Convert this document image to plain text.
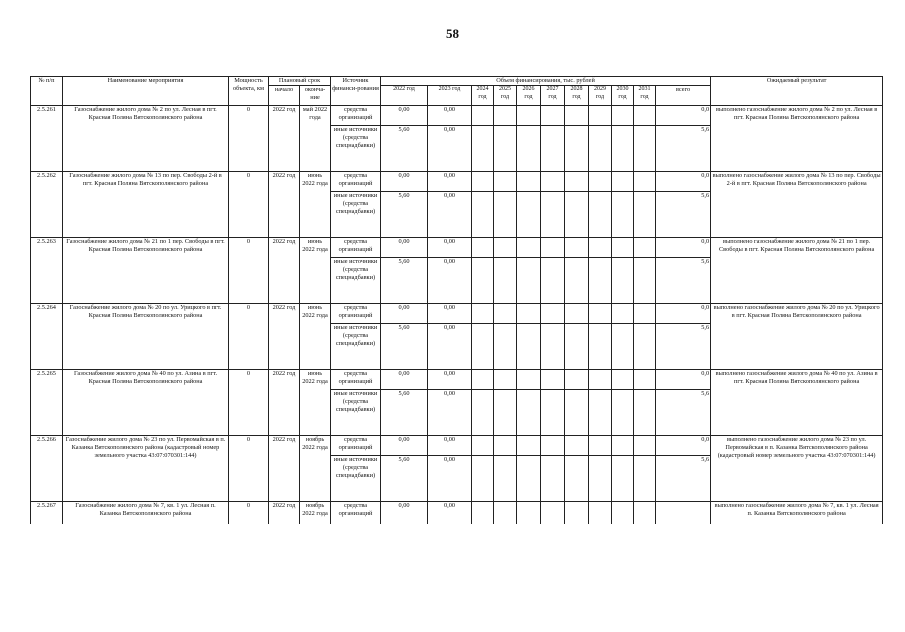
58
№ п/п	Наименование мероприятия	Мощность объекта, км	Плановый срок		Источник финанси-рования	Объем финансирования, тыс. рублей											Ожидаемый результат
			начало	оконча-ние		2022 год	2023 год	2024 год	2025 год	2026 год	2027 год	2028 год	2029 год	2030 год	2031 год	всего	
2.5.261	Газоснабжение жилого дома № 2 по ул. Лесная в пгт. Красная Поляна Вятскополянского района	0	2022 год	май 2022 года	средства организаций	0,00	0,00									0,0	выполнено газоснабжение жилого дома № 2 по ул. Лесная в пгт. Красная Поляна Вятскополянского района
					иные источники (средства спецнадбавки)	5,60	0,00									5,6	
2.5.262	Газоснабжение жилого дома № 13 по пер. Свободы 2-й в пгт. Красная Поляна Вятскополянского района	0	2022 год	июнь 2022 года	средства организаций	0,00	0,00									0,0	выполнено газоснабжение жилого дома № 13 по пер. Свободы 2-й в пгт. Красная Поляна Вятскополянского района
					иные источники (средства спецнадбавки)	5,60	0,00									5,6	
2.5.263	Газоснабжение жилого дома № 21 по 1 пер. Свободы в пгт. Красная Поляна Вятскополянского района	0	2022 год	июнь 2022 года	средства организаций	0,00	0,00									0,0	выполнено газоснабжение жилого дома № 21 по 1 пер. Свободы в пгт. Красная Поляна Вятскополянского района
					иные источники (средства спецнадбавки)	5,60	0,00									5,6	
2.5.264	Газоснабжение жилого дома № 20 по ул. Урицкого в пгт. Красная Поляна Вятскополянского района	0	2022 год	июнь 2022 года	средства организаций	0,00	0,00									0,0	выполнено газоснабжение жилого дома № 20 по ул. Урицкого в пгт. Красная Поляна Вятскополянского района
					иные источники (средства спецнадбавки)	5,60	0,00									5,6	
2.5.265	Газоснабжение жилого дома № 40 по ул. Азина в пгт. Красная Поляна Вятскополянского района	0	2022 год	июнь 2022 года	средства организаций	0,00	0,00									0,0	выполнено газоснабжение жилого дома № 40 по ул. Азина в пгт. Красная Поляна Вятскополянского района
					иные источники (средства спецнадбавки)	5,60	0,00									5,6	
2.5.266	Газоснабжение жилого дома № 23 по ул. Первомайская в п. Казанка Вятскополянского района (кадастровый номер земельного участка 43:07:070301:144)	0	2022 год	ноябрь 2022 года	средства организаций	0,00	0,00									0,0	выполнено газоснабжение жилого дома № 23 по ул. Первомайская в п. Казанка Вятскополянского района (кадастровый номер земельного участка 43:07:070301:144)
					иные источники (средства спецнадбавки)	5,60	0,00									5,6	
2.5.267	Газоснабжение жилого дома № 7, кв. 1 ул. Лесная п. Казанка Вятскополянского района	0	2022 год	ноябрь 2022 года	средства организаций	0,00	0,00										выполнено газоснабжение жилого дома № 7, кв. 1 ул. Лесная п. Казанка Вятскополянского района
